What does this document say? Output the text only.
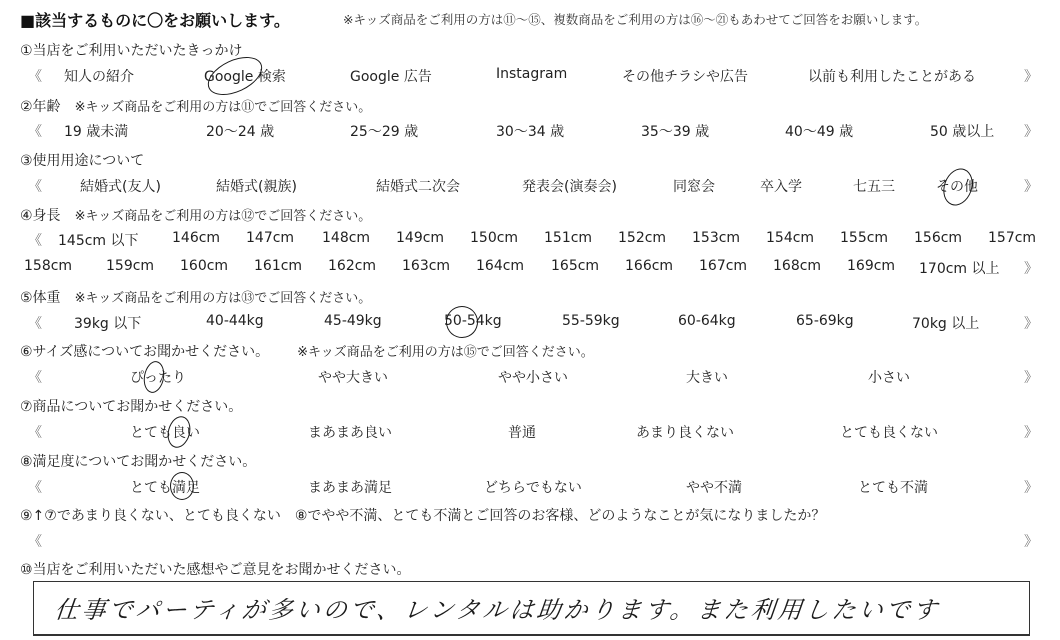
■該当するものに〇をお願いします。	※キッズ商品をご利用の方は⑪～⑮、複数商品をご利用の方は⑯～㉑もあわせてご回答をお願いします。
①当店をご利用いただいたきっかけ
《 知人の紹介	Google 検索	Google 広告	Instagram	その他チラシや広告	以前も利用したことがある	》
②年齢 ※キッズ商品をご利用の方は⑪でご回答ください。
《 19 歳未満	20～24 歳	25～29 歳	30～34 歳	35～39 歳	40～49 歳	50 歳以上 》
③使用用途について
《	結婚式(友人)	結婚式(親族)	結婚式二次会	発表会(演奏会)	同窓会	卒入学	七五三	その他	》
④身長 ※キッズ商品をご利用の方は⑫でご回答ください。
《 145cm 以下 146cm 147cm 148cm 149cm 150cm 151cm 152cm 153cm 154cm 155cm 156cm 157cm
158cm 159cm 160cm 161cm 162cm 163cm 164cm 165cm 166cm 167cm 168cm 169cm 170cm 以上 》
⑤体重 ※キッズ商品をご利用の方は⑬でご回答ください。
《 39kg 以下	40-44kg	45-49kg	50-54kg	55-59kg	60-64kg	65-69kg	70kg 以上	》
⑥サイズ感についてお聞かせください。 ※キッズ商品をご利用の方は⑮でご回答ください。
《	ぴったり	やや大きい	やや小さい	大きい	小さい	》
⑦商品についてお聞かせください。
《	とても良い	まあまあ良い	普通	あまり良くない	とても良くない	》
⑧満足度についてお聞かせください。
《	とても満足	まあまあ満足	どちらでもない	やや不満	とても不満	》
⑨↑⑦であまり良くない、とても良くない　⑧でやや不満、とても不満とご回答のお客様、どのようなことが気になりましたか？
《	》
⑩当店をご利用いただいた感想やご意見をお聞かせください。
仕事でパーティが多いので、レンタルは助かります。また利用したいです
